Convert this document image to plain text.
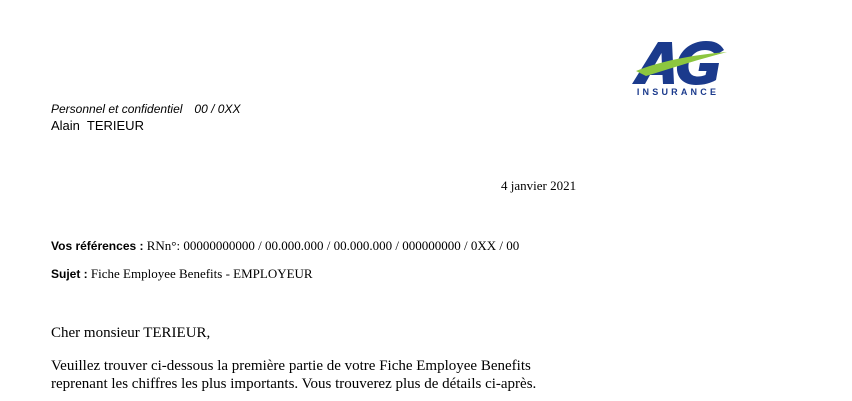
INSURANCE
Personnel et confidentiel 00 / 0XX
Alain  TERIEUR
4 janvier 2021
Vos références : RNn°: 00000000000 / 00.000.000 / 00.000.000 / 000000000 / 0XX / 00
Sujet : Fiche Employee Benefits - EMPLOYEUR
Cher monsieur TERIEUR,
Veuillez trouver ci-dessous la première partie de votre Fiche Employee Benefits
reprenant les chiffres les plus importants. Vous trouverez plus de détails ci-après.
